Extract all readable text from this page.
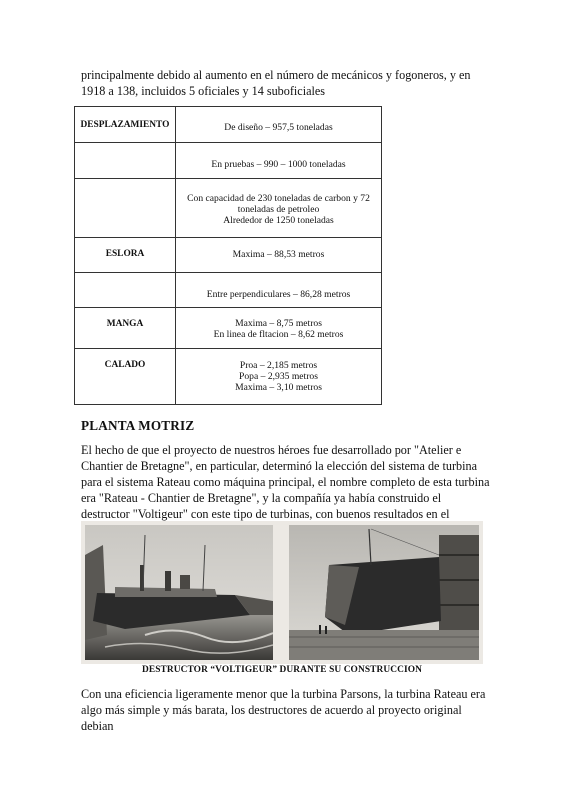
principalmente debido al aumento en el número de mecánicos y fogoneros, y en 1918 a 138, incluidos 5 oficiales y 14 suboficiales

DESPLAZAMIENTO	De diseño – 957,5 toneladas

	En pruebas – 990 – 1000 toneladas

	Con capacidad de 230 toneladas de carbon y 72
toneladas de petroleo
Alrededor de 1250 toneladas

ESLORA	Maxima – 88,53 metros

	Entre perpendiculares – 86,28 metros

MANGA	Maxima – 8,75 metros
En linea de fltacion – 8,62 metros

CALADO	Proa – 2,185 metros
Popa – 2,935 metros
Maxima – 3,10 metros
PLANTA MOTRIZ

El hecho de que el proyecto de nuestros héroes fue desarrollado por "Atelier e Chantier de Bretagne", en particular, determinó la elección del sistema de turbina para el sistema Rateau como máquina principal, el nombre completo de esta turbina era "Rateau - Chantier de Bretagne", y la compañía ya había construido el destructor "Voltigeur" con este tipo de turbinas, con buenos resultados en el

DESTRUCTOR “VOLTIGEUR” DURANTE SU CONSTRUCCION

Con una eficiencia ligeramente menor que la turbina Parsons, la turbina Rateau era algo más simple y más barata, los destructores de acuerdo al proyecto original debian
